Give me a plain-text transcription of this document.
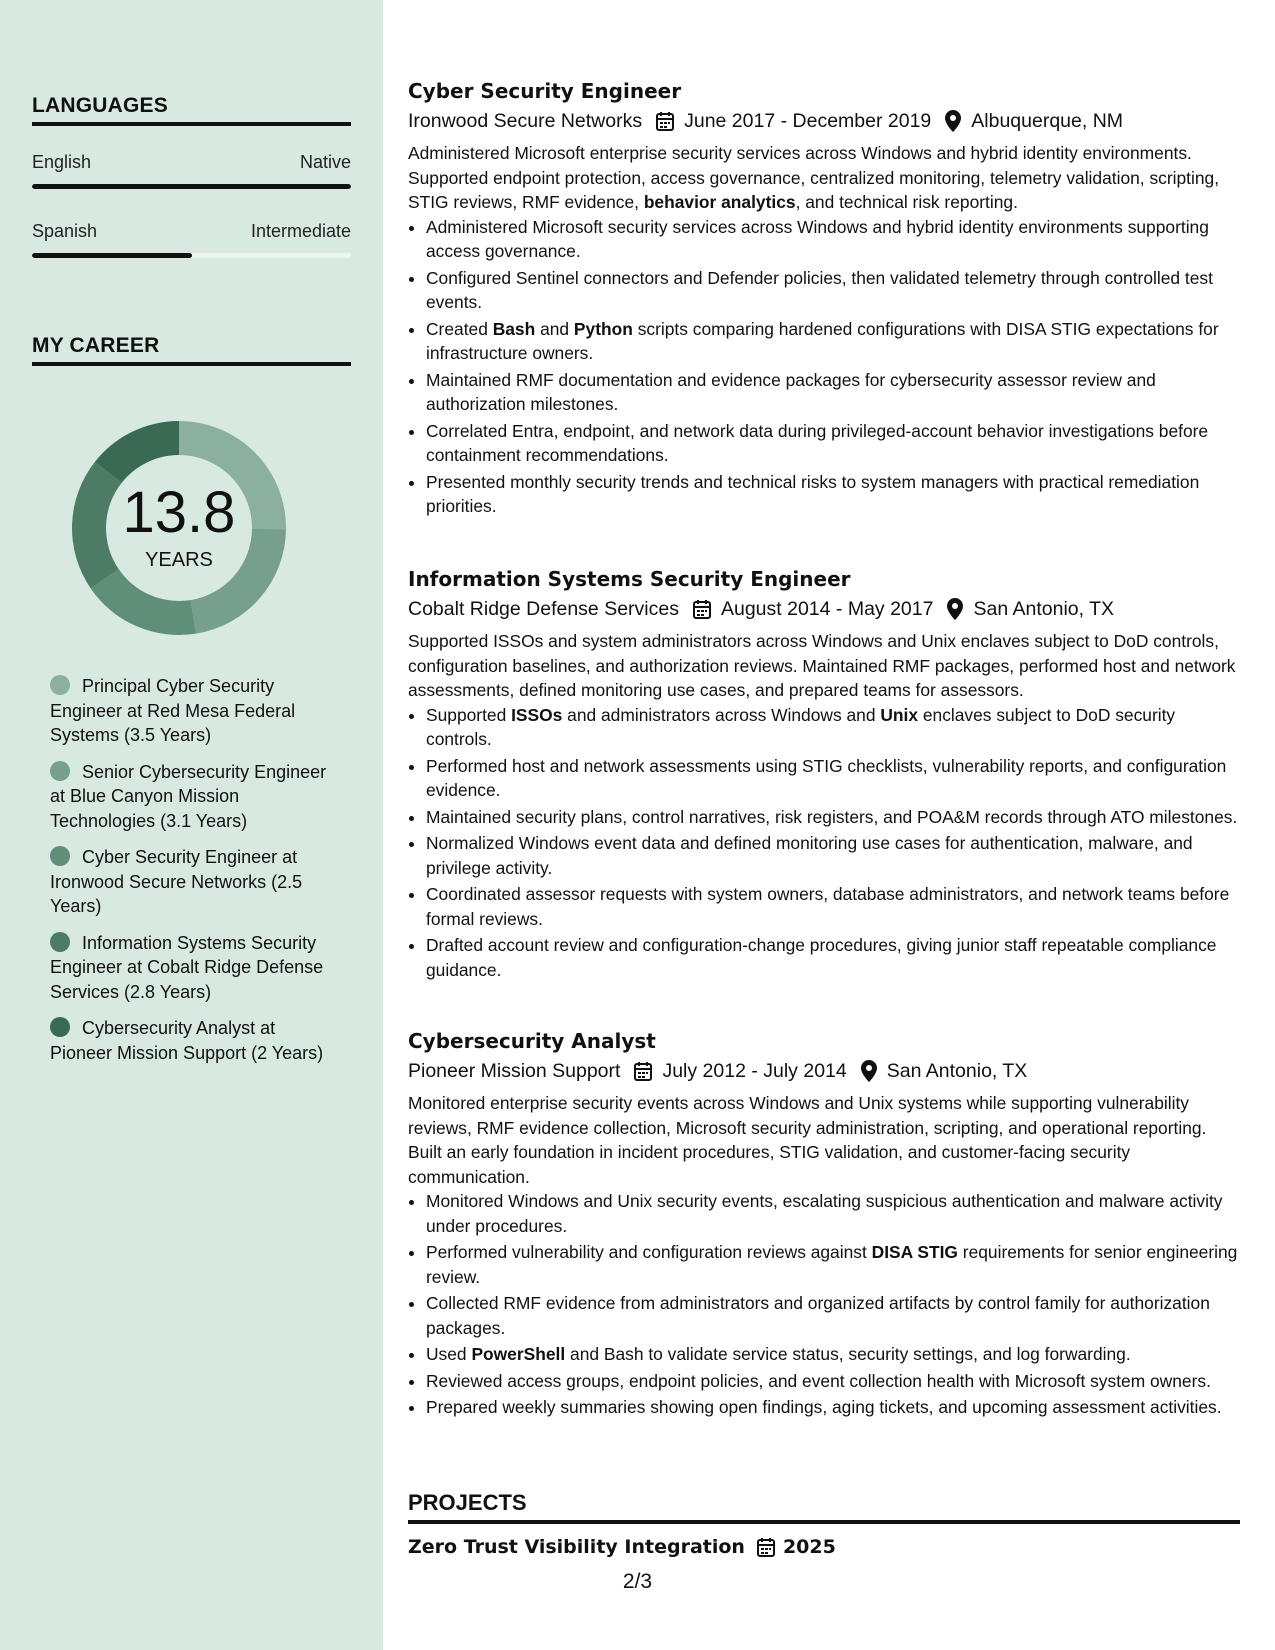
LANGUAGES
English	Native
Spanish	Intermediate
MY CAREER
13.8
YEARS
Principal Cyber Security Engineer at Red Mesa Federal Systems (3.5 Years)
Senior Cybersecurity Engineer at Blue Canyon Mission Technologies (3.1 Years)
Cyber Security Engineer at Ironwood Secure Networks (2.5 Years)
Information Systems Security Engineer at Cobalt Ridge Defense Services (2.8 Years)
Cybersecurity Analyst at Pioneer Mission Support (2 Years)
Cyber Security Engineer
Ironwood Secure Networks June 2017 - December 2019 Albuquerque, NM
Administered Microsoft enterprise security services across Windows and hybrid identity environments. Supported endpoint protection, access governance, centralized monitoring, telemetry validation, scripting, STIG reviews, RMF evidence, behavior analytics, and technical risk reporting.
• Administered Microsoft security services across Windows and hybrid identity environments supporting access governance.
• Configured Sentinel connectors and Defender policies, then validated telemetry through controlled test events.
• Created Bash and Python scripts comparing hardened configurations with DISA STIG expectations for infrastructure owners.
• Maintained RMF documentation and evidence packages for cybersecurity assessor review and authorization milestones.
• Correlated Entra, endpoint, and network data during privileged-account behavior investigations before containment recommendations.
• Presented monthly security trends and technical risks to system managers with practical remediation priorities.
Information Systems Security Engineer
Cobalt Ridge Defense Services August 2014 - May 2017 San Antonio, TX
Supported ISSOs and system administrators across Windows and Unix enclaves subject to DoD controls, configuration baselines, and authorization reviews. Maintained RMF packages, performed host and network assessments, defined monitoring use cases, and prepared teams for assessors.
• Supported ISSOs and administrators across Windows and Unix enclaves subject to DoD security controls.
• Performed host and network assessments using STIG checklists, vulnerability reports, and configuration evidence.
• Maintained security plans, control narratives, risk registers, and POA&M records through ATO milestones.
• Normalized Windows event data and defined monitoring use cases for authentication, malware, and privilege activity.
• Coordinated assessor requests with system owners, database administrators, and network teams before formal reviews.
• Drafted account review and configuration-change procedures, giving junior staff repeatable compliance guidance.
Cybersecurity Analyst
Pioneer Mission Support July 2012 - July 2014 San Antonio, TX
Monitored enterprise security events across Windows and Unix systems while supporting vulnerability reviews, RMF evidence collection, Microsoft security administration, scripting, and operational reporting. Built an early foundation in incident procedures, STIG validation, and customer-facing security communication.
• Monitored Windows and Unix security events, escalating suspicious authentication and malware activity under procedures.
• Performed vulnerability and configuration reviews against DISA STIG requirements for senior engineering review.
• Collected RMF evidence from administrators and organized artifacts by control family for authorization packages.
• Used PowerShell and Bash to validate service status, security settings, and log forwarding.
• Reviewed access groups, endpoint policies, and event collection health with Microsoft system owners.
• Prepared weekly summaries showing open findings, aging tickets, and upcoming assessment activities.
PROJECTS
Zero Trust Visibility Integration 2025
2/3
